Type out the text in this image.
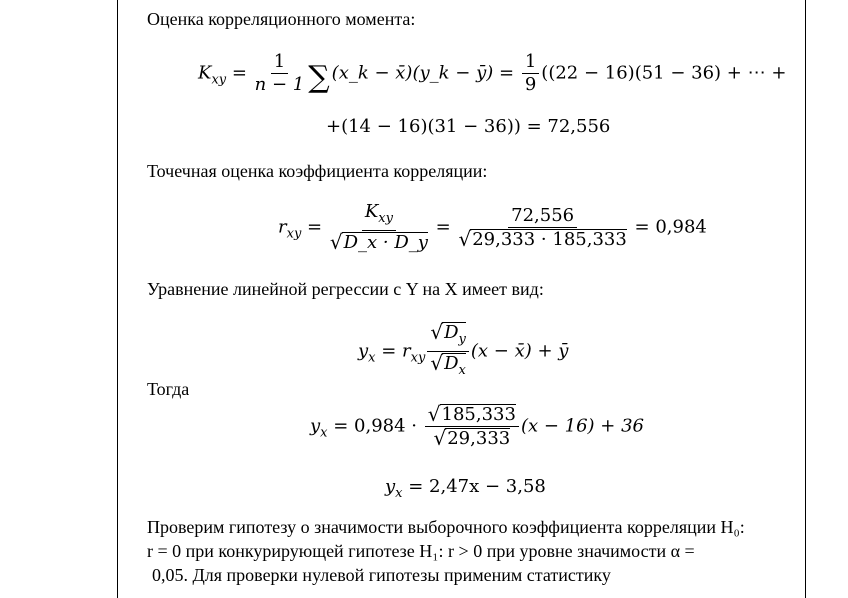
Оценка корреляционного момента:
$K_{xy} = \frac{1}{n - 1}$ ∑ (x_k − x̄)(y_k − ȳ) = $\frac{1}{9} ((22 - 16)(51 - 36)$ + ⋯ +
+(14 − 16)(31 − 36)) = 72,556
Точечная оценка коэффициента корреляции:
$r_{xy} = \frac{K_{xy}}{√D\_x \cdot D\_y} = \frac{72,556}{√29,333 \cdot 185,333} = 0,984$
Уравнение линейной регрессии с Y на X имеет вид:
$y_x = r_{xy} \frac{√D_y}{√D_x} (x$ − x̄) + ȳ
Тогда
$y_x = 0,984 \cdot \frac{√185,333}{√29,333} (x - 16) + 36$
$y_x = 2,47x - 3,58$
Проверим гипотезу о значимости выборочного коэффициента корреляции H₀:
r = 0 при конкурирующей гипотезе H₁: r > 0 при уровне значимости α =
0,05. Для проверки нулевой гипотезы применим статистику
